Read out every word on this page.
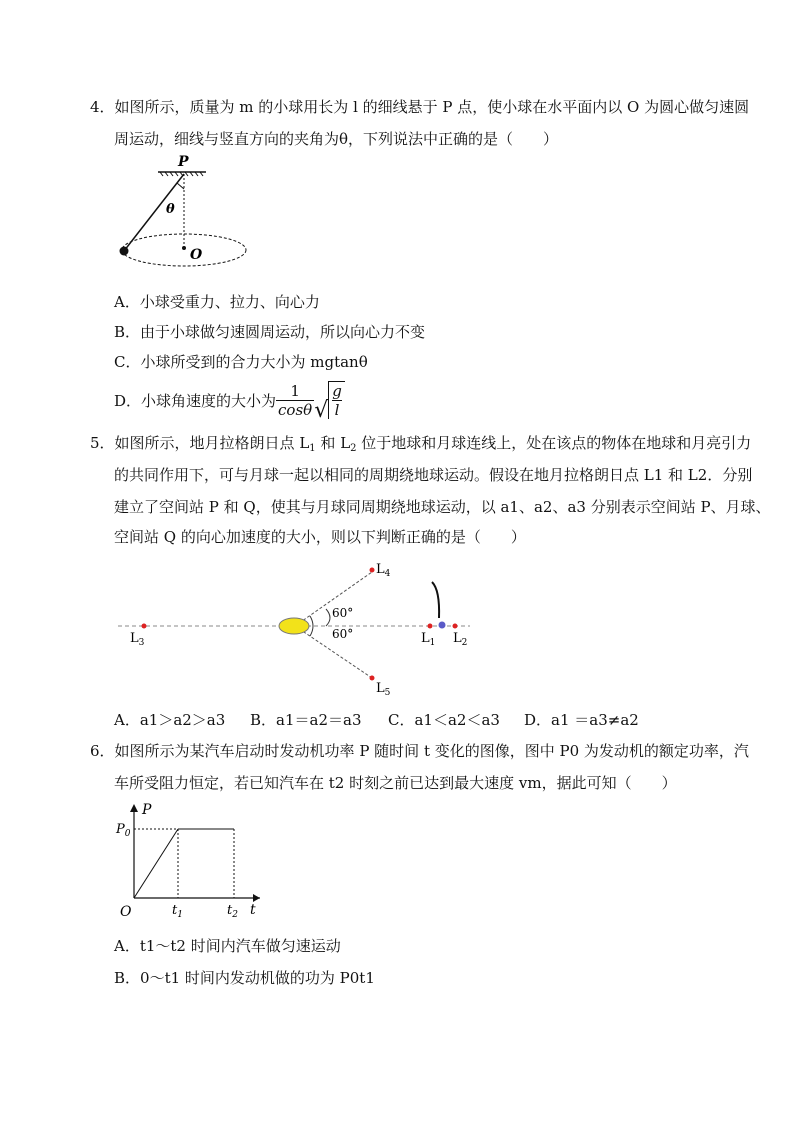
4．如图所示，质量为 m 的小球用长为 l 的细线悬于 P 点，使小球在水平面内以 O 为圆心做匀速圆
周运动，细线与竖直方向的夹角为θ，下列说法中正确的是（　　）
P
θ
O
A．小球受重力、拉力、向心力
B．由于小球做匀速圆周运动，所以向心力不变
C．小球所受到的合力大小为 mgtanθ
D．小球角速度的大小为 $\frac{1}{\cos\theta}$ √ $\frac{g}{l}$
5．如图所示，地月拉格朗日点 $L_1$ 和 $L_2$ 位于地球和月球连线上，处在该点的物体在地球和月亮引力
的共同作用下，可与月球一起以相同的周期绕地球运动。假设在地月拉格朗日点 L1 和 L2．分别
建立了空间站 P 和 Q，使其与月球同周期绕地球运动，以 a1、a2、a3 分别表示空间站 P、月球、
空间站 Q 的向心加速度的大小，则以下判断正确的是（　　）
$L_3$
$L_4$
$L_5$
$L_1$ $L_2$
60°
60°
A．a1＞a2＞a3 B．a1＝a2＝a3 C．a1＜a2＜a3 D．a1 ＝a3≠a2
6．如图所示为某汽车启动时发动机功率 P 随时间 t 变化的图像，图中 P0 为发动机的额定功率，汽
车所受阻力恒定，若已知汽车在 t2 时刻之前已达到最大速度 vm，据此可知（　　）
P
$P_0$
O	$t_1$	$t_2$ t
A．t1～t2 时间内汽车做匀速运动
B．0～t1 时间内发动机做的功为 P0t1
